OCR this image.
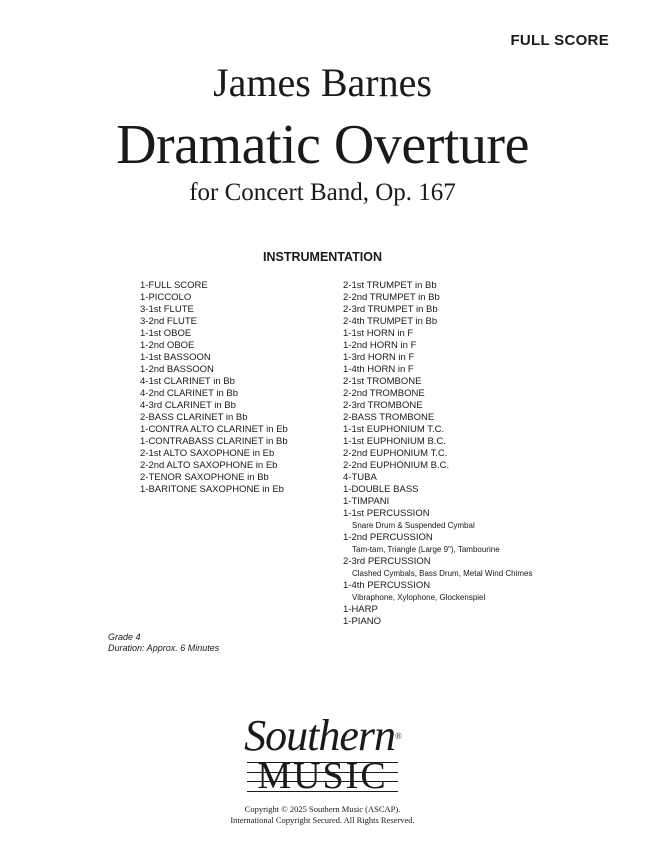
FULL SCORE
James Barnes
Dramatic Overture
for Concert Band, Op. 167
INSTRUMENTATION
1-FULL SCORE
1-PICCOLO
3-1st FLUTE
3-2nd FLUTE
1-1st OBOE
1-2nd OBOE
1-1st BASSOON
1-2nd BASSOON
4-1st CLARINET in Bb
4-2nd CLARINET in Bb
4-3rd CLARINET in Bb
2-BASS CLARINET in Bb
1-CONTRA ALTO CLARINET in Eb
1-CONTRABASS CLARINET in Bb
2-1st ALTO SAXOPHONE in Eb
2-2nd ALTO SAXOPHONE in Eb
2-TENOR SAXOPHONE in Bb
1-BARITONE SAXOPHONE in Eb
2-1st TRUMPET in Bb
2-2nd TRUMPET in Bb
2-3rd TRUMPET in Bb
2-4th TRUMPET in Bb
1-1st HORN in F
1-2nd HORN in F
1-3rd HORN in F
1-4th HORN in F
2-1st TROMBONE
2-2nd TROMBONE
2-3rd TROMBONE
2-BASS TROMBONE
1-1st EUPHONIUM T.C.
1-1st EUPHONIUM B.C.
2-2nd EUPHONIUM T.C.
2-2nd EUPHONIUM B.C.
4-TUBA
1-DOUBLE BASS
1-TIMPANI
1-1st PERCUSSION
Snare Drum & Suspended Cymbal
1-2nd PERCUSSION
Tam-tam, Triangle (Large 9"), Tambourine
2-3rd PERCUSSION
Clashed Cymbals, Bass Drum, Metal Wind Chimes
1-4th PERCUSSION
Vibraphone, Xylophone, Glockenspiel
1-HARP
1-PIANO
Grade 4
Duration: Approx. 6 Minutes
Southern®
MUSIC
Copyright © 2025 Southern Music (ASCAP).
International Copyright Secured. All Rights Reserved.
